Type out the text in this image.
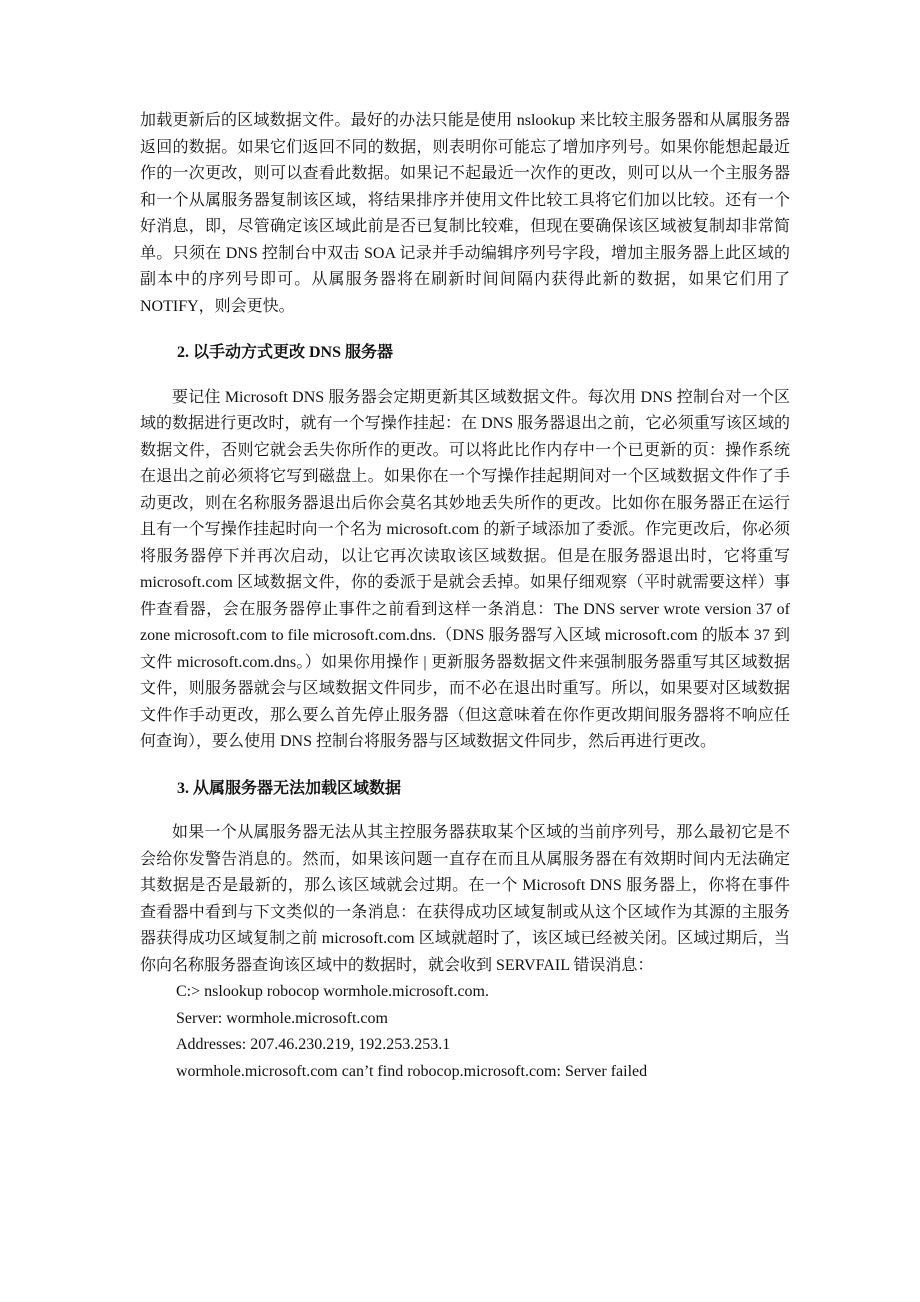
加载更新后的区域数据文件。最好的办法只能是使用 nslookup 来比较主服务器和从属服务器返回的数据。如果它们返回不同的数据，则表明你可能忘了增加序列号。如果你能想起最近作的一次更改，则可以查看此数据。如果记不起最近一次作的更改，则可以从一个主服务器和一个从属服务器复制该区域，将结果排序并使用文件比较工具将它们加以比较。还有一个好消息，即，尽管确定该区域此前是否已复制比较难，但现在要确保该区域被复制却非常简单。只须在 DNS 控制台中双击 SOA 记录并手动编辑序列号字段，增加主服务器上此区域的副本中的序列号即可。从属服务器将在刷新时间间隔内获得此新的数据，如果它们用了 NOTIFY，则会更快。

2. 以手动方式更改 DNS 服务器

要记住 Microsoft DNS 服务器会定期更新其区域数据文件。每次用 DNS 控制台对一个区域的数据进行更改时，就有一个写操作挂起：在 DNS 服务器退出之前，它必须重写该区域的数据文件，否则它就会丢失你所作的更改。可以将此比作内存中一个已更新的页：操作系统在退出之前必须将它写到磁盘上。如果你在一个写操作挂起期间对一个区域数据文件作了手动更改，则在名称服务器退出后你会莫名其妙地丢失所作的更改。比如你在服务器正在运行且有一个写操作挂起时向一个名为 microsoft.com 的新子域添加了委派。作完更改后，你必须将服务器停下并再次启动，以让它再次读取该区域数据。但是在服务器退出时，它将重写 microsoft.com 区域数据文件，你的委派于是就会丢掉。如果仔细观察（平时就需要这样）事件查看器，会在服务器停止事件之前看到这样一条消息：The DNS server wrote version 37 of zone microsoft.com to file microsoft.com.dns.（DNS 服务器写入区域 microsoft.com 的版本 37 到文件 microsoft.com.dns。）如果你用操作 | 更新服务器数据文件来强制服务器重写其区域数据文件，则服务器就会与区域数据文件同步，而不必在退出时重写。所以，如果要对区域数据文件作手动更改，那么要么首先停止服务器（但这意味着在你作更改期间服务器将不响应任何查询），要么使用 DNS 控制台将服务器与区域数据文件同步，然后再进行更改。

3. 从属服务器无法加载区域数据

如果一个从属服务器无法从其主控服务器获取某个区域的当前序列号，那么最初它是不会给你发警告消息的。然而，如果该问题一直存在而且从属服务器在有效期时间内无法确定其数据是否是最新的，那么该区域就会过期。在一个 Microsoft DNS 服务器上，你将在事件查看器中看到与下文类似的一条消息：在获得成功区域复制或从这个区域作为其源的主服务器获得成功区域复制之前 microsoft.com 区域就超时了，该区域已经被关闭。区域过期后，当你向名称服务器查询该区域中的数据时，就会收到 SERVFAIL 错误消息：

C:> nslookup robocop wormhole.microsoft.com.
Server: wormhole.microsoft.com
Addresses: 207.46.230.219, 192.253.253.1
wormhole.microsoft.com can’t find robocop.microsoft.com: Server failed
